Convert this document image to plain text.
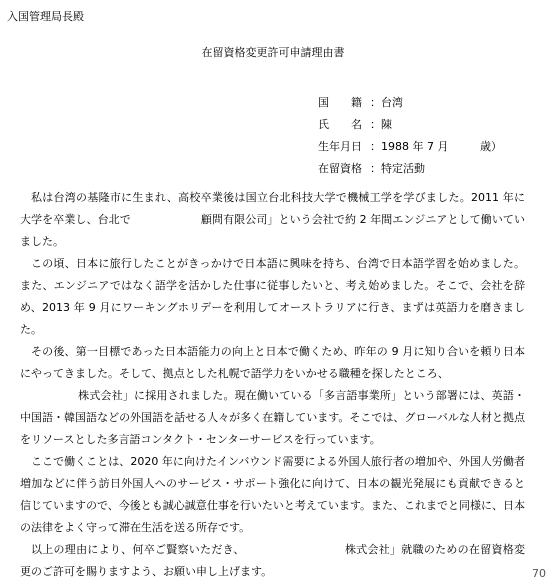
入国管理局長殿
在留資格変更許可申請理由書
国　　籍 ：台湾
氏　　名 ：陳
生年月日 ：1988 年 7 月	歳）
在留資格 ：特定活動

私は台湾の基隆市に生まれ、高校卒業後は国立台北科技大学で機械工学を学びました。2011 年に大学を卒業し、台北で	顧問有限公司」という会社で約 2 年間エンジニアとして働いていました。

この頃、日本に旅行したことがきっかけで日本語に興味を持ち、台湾で日本語学習を始めました。また、エンジニアではなく語学を活かした仕事に従事したいと、考え始めました。そこで、会社を辞め、2013 年 9 月にワーキングホリデーを利用してオーストラリアに行き、まずは英語力を磨きました。

その後、第一目標であった日本語能力の向上と日本で働くため、昨年の 9 月に知り合いを頼り日本にやってきました。そして、拠点とした札幌で語学力をいかせる職種を探したところ、
株式会社」に採用されました。現在働いている「多言語事業所」という部署には、英語・中国語・韓国語などの外国語を話せる人々が多く在籍しています。そこでは、グローバルな人材と拠点をリソースとした多言語コンタクト・センターサービスを行っています。

ここで働くことは、2020 年に向けたインバウンド需要による外国人旅行者の増加や、外国人労働者増加などに伴う訪日外国人へのサービス・サポート強化に向けて、日本の観光発展にも貢献できると信じていますので、今後とも誠心誠意仕事を行いたいと考えています。また、これまでと同様に、日本の法律をよく守って滞在生活を送る所存です。

以上の理由により、何卒ご賢察いただき、	株式会社」就職のための在留資格変更のご許可を賜りますよう、お願い申し上げます。	70
